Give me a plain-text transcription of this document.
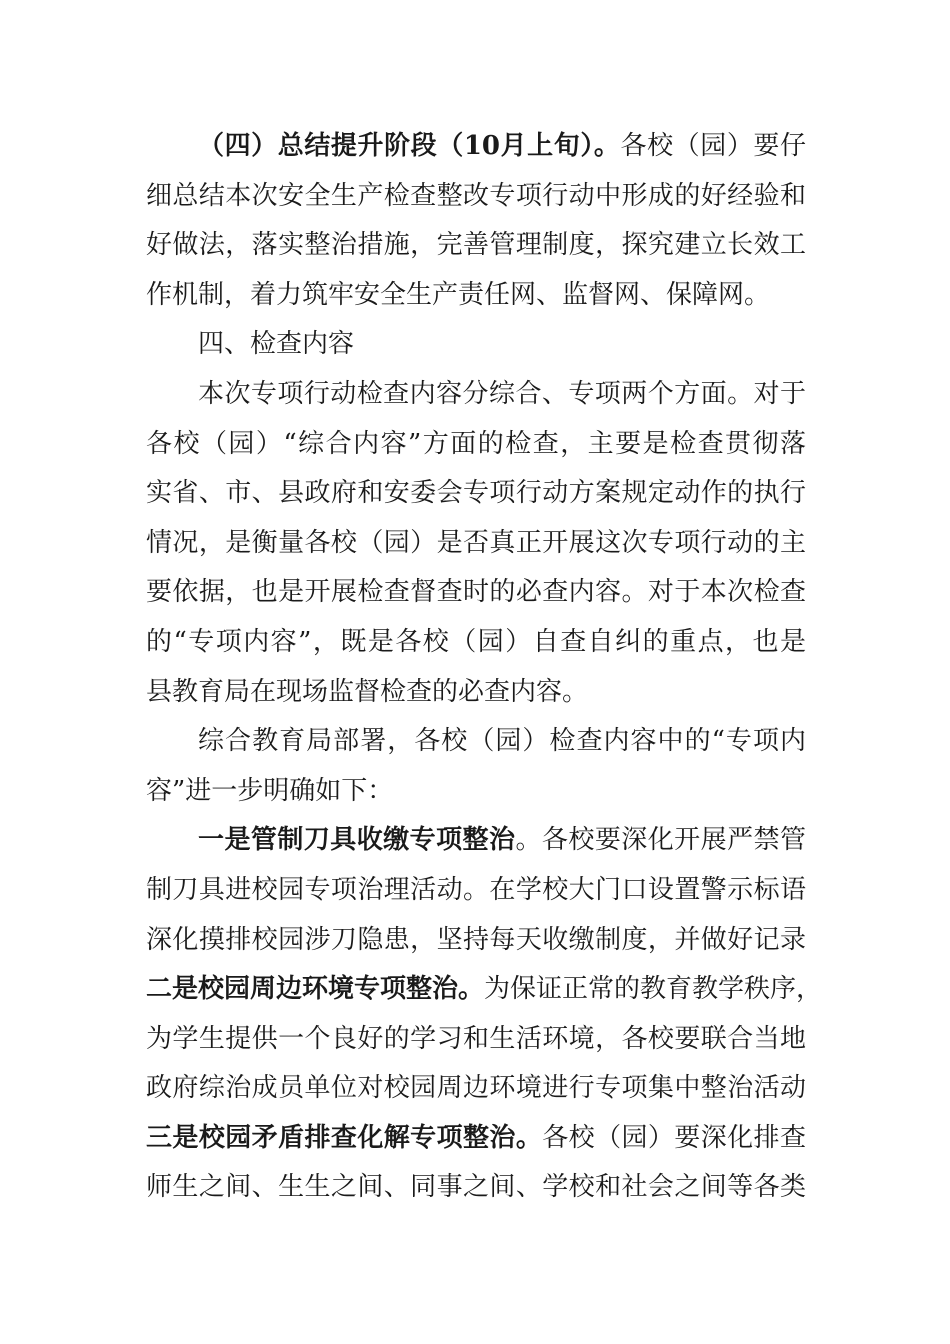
（四）总结提升阶段（10月上旬）。各校（园）要仔
细总结本次安全生产检查整改专项行动中形成的好经验和
好做法，落实整治措施，完善管理制度，探究建立长效工
作机制，着力筑牢安全生产责任网、监督网、保障网。
四、检查内容
本次专项行动检查内容分综合、专项两个方面。对于
各校（园）“综合内容”方面的检查，主要是检查贯彻落
实省、市、县政府和安委会专项行动方案规定动作的执行
情况，是衡量各校（园）是否真正开展这次专项行动的主
要依据，也是开展检查督查时的必查内容。对于本次检查
的“专项内容”，既是各校（园）自查自纠的重点，也是
县教育局在现场监督检查的必查内容。
综合教育局部署，各校（园）检查内容中的“专项内
容”进一步明确如下：
一是管制刀具收缴专项整治。各校要深化开展严禁管
制刀具进校园专项治理活动。在学校大门口设置警示标语
深化摸排校园涉刀隐患，坚持每天收缴制度，并做好记录
二是校园周边环境专项整治。为保证正常的教育教学秩序，
为学生提供一个良好的学习和生活环境，各校要联合当地
政府综治成员单位对校园周边环境进行专项集中整治活动
三是校园矛盾排查化解专项整治。各校（园）要深化排查
师生之间、生生之间、同事之间、学校和社会之间等各类
